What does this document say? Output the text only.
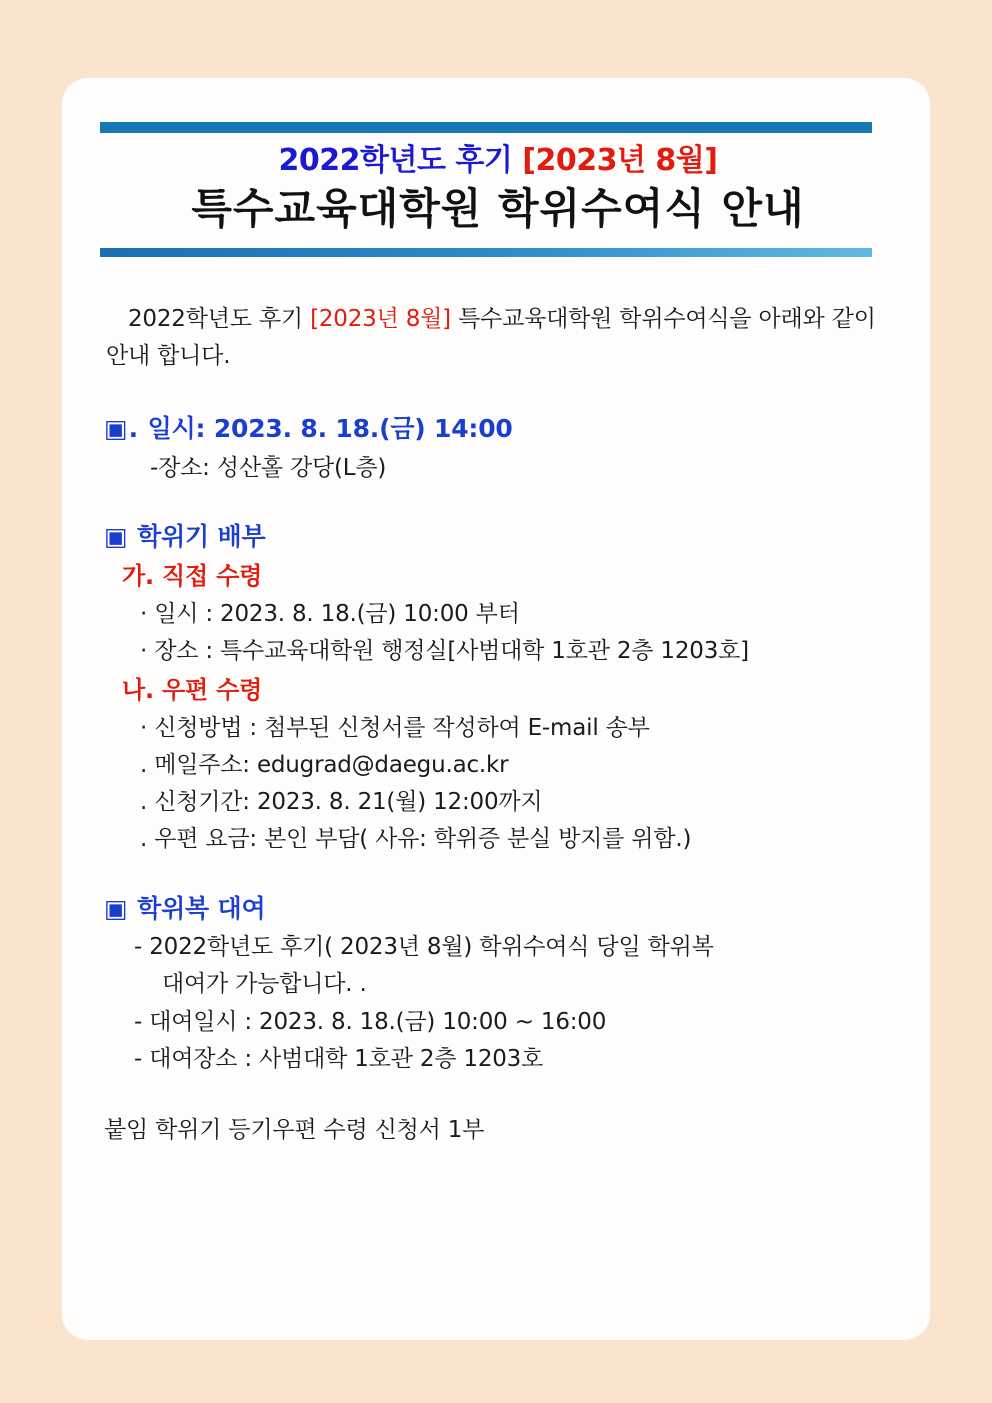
2022학년도 후기 [2023년 8월]
특수교육대학원 학위수여식 안내
2022학년도 후기 [2023년 8월] 특수교육대학원 학위수여식을 아래와 같이 안내 합니다.
▣. 일시: 2023. 8. 18.(금) 14:00
-장소: 성산홀 강당(L층)
▣ 학위기 배부
가. 직접 수령
· 일시 : 2023. 8. 18.(금) 10:00 부터
· 장소 : 특수교육대학원 행정실[사범대학 1호관 2층 1203호]
나. 우편 수령
· 신청방법 : 첨부된 신청서를 작성하여 E-mail 송부
. 메일주소: edugrad@daegu.ac.kr
. 신청기간: 2023. 8. 21(월) 12:00까지
. 우편 요금: 본인 부담( 사유: 학위증 분실 방지를 위함.)
▣ 학위복 대여
- 2022학년도 후기( 2023년 8월) 학위수여식 당일 학위복
대여가 가능합니다. .
- 대여일시 : 2023. 8. 18.(금) 10:00 ~ 16:00
- 대여장소 : 사범대학 1호관 2층 1203호
붙임 학위기 등기우편 수령 신청서 1부
